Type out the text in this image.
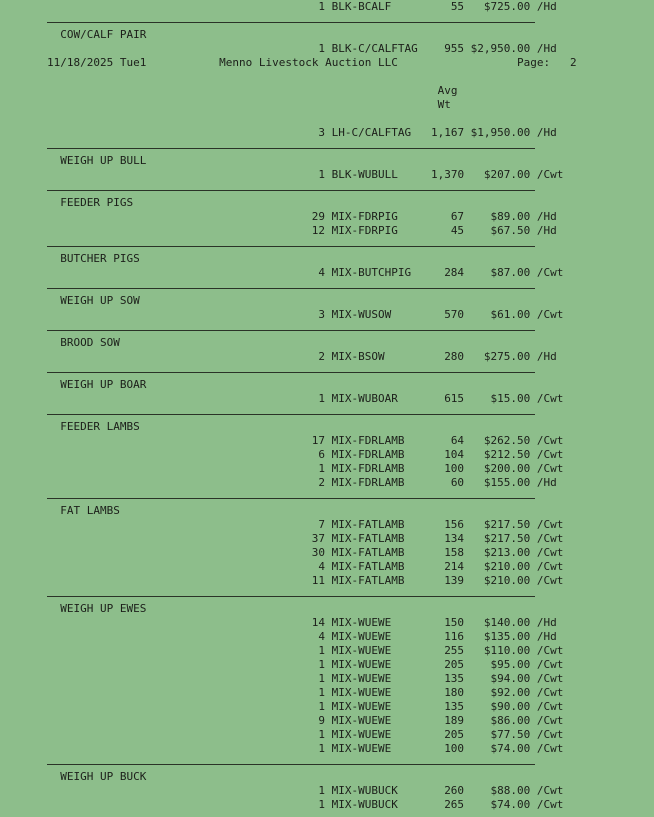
1 BLK-BCALF	55 $725.00 /Hd
COW/CALF PAIR
1 BLK-C/CALFTAG 955 $2,950.00 /Hd
11/18/2025 Tue1	Menno Livestock Auction LLC	Page: 2
Avg
Wt
3 LH-C/CALFTAG 1,167 $1,950.00 /Hd
WEIGH UP BULL
1 BLK-WUBULL	1,370 $207.00 /Cwt
FEEDER PIGS
29 MIX-FDRPIG	67 $89.00 /Hd
12 MIX-FDRPIG	45 $67.50 /Hd
BUTCHER PIGS
4 MIX-BUTCHPIG	284 $87.00 /Cwt
WEIGH UP SOW
3 MIX-WUSOW	570 $61.00 /Cwt
BROOD SOW
2 MIX-BSOW	280 $275.00 /Hd
WEIGH UP BOAR
1 MIX-WUBOAR	615 $15.00 /Cwt
FEEDER LAMBS
17 MIX-FDRLAMB	64 $262.50 /Cwt
6 MIX-FDRLAMB	104 $212.50 /Cwt
1 MIX-FDRLAMB	100 $200.00 /Cwt
2 MIX-FDRLAMB	60 $155.00 /Hd
FAT LAMBS
7 MIX-FATLAMB	156 $217.50 /Cwt
37 MIX-FATLAMB	134 $217.50 /Cwt
30 MIX-FATLAMB	158 $213.00 /Cwt
4 MIX-FATLAMB	214 $210.00 /Cwt
11 MIX-FATLAMB	139 $210.00 /Cwt
WEIGH UP EWES
14 MIX-WUEWE	150 $140.00 /Hd
4 MIX-WUEWE	116 $135.00 /Hd
1 MIX-WUEWE	255 $110.00 /Cwt
1 MIX-WUEWE	205 $95.00 /Cwt
1 MIX-WUEWE	135 $94.00 /Cwt
1 MIX-WUEWE	180 $92.00 /Cwt
1 MIX-WUEWE	135 $90.00 /Cwt
9 MIX-WUEWE	189 $86.00 /Cwt
1 MIX-WUEWE	205 $77.50 /Cwt
1 MIX-WUEWE	100 $74.00 /Cwt
WEIGH UP BUCK
1 MIX-WUBUCK	260 $88.00 /Cwt
1 MIX-WUBUCK	265 $74.00 /Cwt
